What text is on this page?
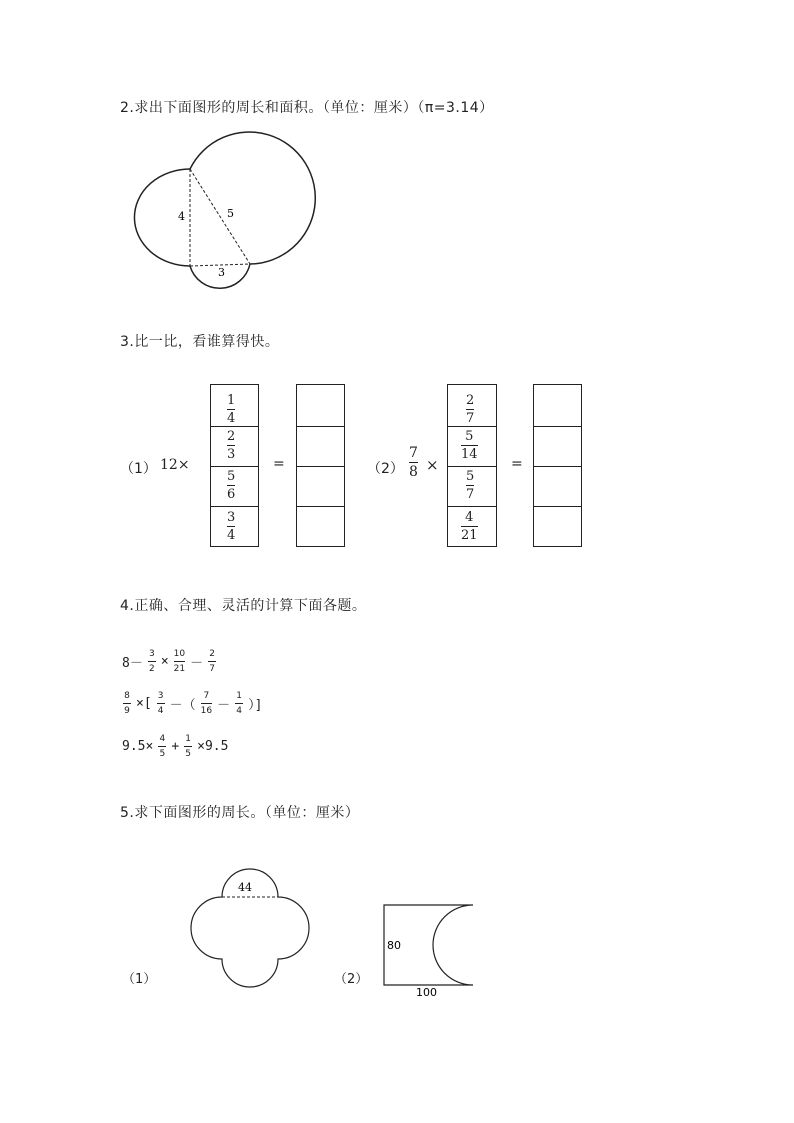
2.求出下面图形的周长和面积。（单位：厘米）（π=3.14）
4	5
3
3.比一比，看谁算得快。
（1） 12×
1
4
2
3
5
6
3
4
=	（2）
7
8 ×
2
7
5
14
5
7
4
21
=
4.正确、合理、灵活的计算下面各题。
8－
3
2 × 10
21 －
2
7
8
9 ×[ 3
4 －（
7
16 －
1
4 ）]
9.5× 4
5 + 1
5 ×9.5
5.求下面图形的周长。（单位：厘米）
（1）
44
（2）
80
100
